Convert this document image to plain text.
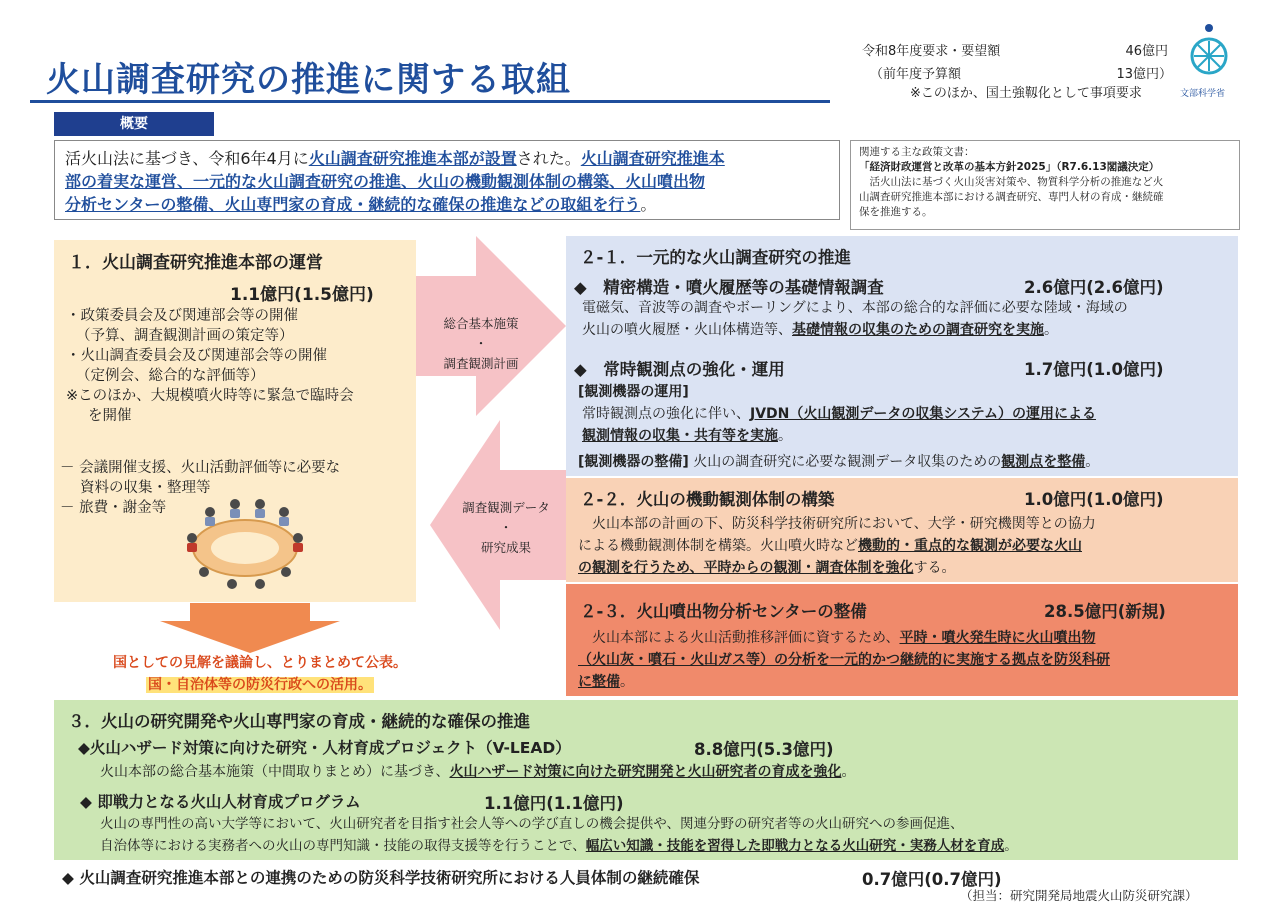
火山調査研究の推進に関する取組
令和8年度要求・要望額	46億円
（前年度予算額	13億円）
※このほか、国土強靱化として事項要求	文部科学省
概要
活火山法に基づき、令和6年4月に火山調査研究推進本部が設置された。火山調査研究推進本
部の着実な運営、一元的な火山調査研究の推進、火山の機動観測体制の構築、火山噴出物
分析センターの整備、火山専門家の育成・継続的な確保の推進などの取組を行う。
関連する主な政策文書：
「経済財政運営と改革の基本方針2025」（R7.6.13閣議決定）
　活火山法に基づく火山災害対策や、物質科学分析の推進など火
山調査研究推進本部における調査研究、専門人材の育成・継続確
保を推進する。
１．火山調査研究推進本部の運営
1.1億円(1.5億円)
・政策委員会及び関連部会等の開催
（予算、調査観測計画の策定等）
・火山調査委員会及び関連部会等の開催
（定例会、総合的な評価等）
※このほか、大規模噴火時等に緊急で臨時会
を開催
－ 会議開催支援、火山活動評価等に必要な
資料の収集・整理等
－ 旅費・謝金等
国としての見解を議論し、とりまとめて公表。
国・自治体等の防災行政への活用。
総合基本施策
・
調査観測計画
調査観測データ
・
研究成果
２-１．一元的な火山調査研究の推進
◆　精密構造・噴火履歴等の基礎情報調査	2.6億円(2.6億円)
電磁気、音波等の調査やボーリングにより、本部の総合的な評価に必要な陸域・海域の
火山の噴火履歴・火山体構造等、基礎情報の収集のための調査研究を実施。
◆　常時観測点の強化・運用	1.7億円(1.0億円)
[観測機器の運用]
常時観測点の強化に伴い、JVDN（火山観測データの収集システム）の運用による
観測情報の収集・共有等を実施。
[観測機器の整備] 火山の調査研究に必要な観測データ収集のための観測点を整備。
２-２．火山の機動観測体制の構築	1.0億円(1.0億円)
火山本部の計画の下、防災科学技術研究所において、大学・研究機関等との協力
による機動観測体制を構築。火山噴火時など機動的・重点的な観測が必要な火山
の観測を行うため、平時からの観測・調査体制を強化する。
２-３．火山噴出物分析センターの整備	28.5億円(新規)
火山本部による火山活動推移評価に資するため、平時・噴火発生時に火山噴出物
（火山灰・噴石・火山ガス等）の分析を一元的かつ継続的に実施する拠点を防災科研
に整備。
３．火山の研究開発や火山専門家の育成・継続的な確保の推進
◆火山ハザード対策に向けた研究・人材育成プロジェクト（V-LEAD）	8.8億円(5.3億円)
火山本部の総合基本施策（中間取りまとめ）に基づき、火山ハザード対策に向けた研究開発と火山研究者の育成を強化。
◆ 即戦力となる火山人材育成プログラム	1.1億円(1.1億円)
火山の専門性の高い大学等において、火山研究者を目指す社会人等への学び直しの機会提供や、関連分野の研究者等の火山研究への参画促進、
自治体等における実務者への火山の専門知識・技能の取得支援等を行うことで、幅広い知識・技能を習得した即戦力となる火山研究・実務人材を育成。
◆ 火山調査研究推進本部との連携のための防災科学技術研究所における人員体制の継続確保	0.7億円(0.7億円)
（担当：研究開発局地震火山防災研究課）
